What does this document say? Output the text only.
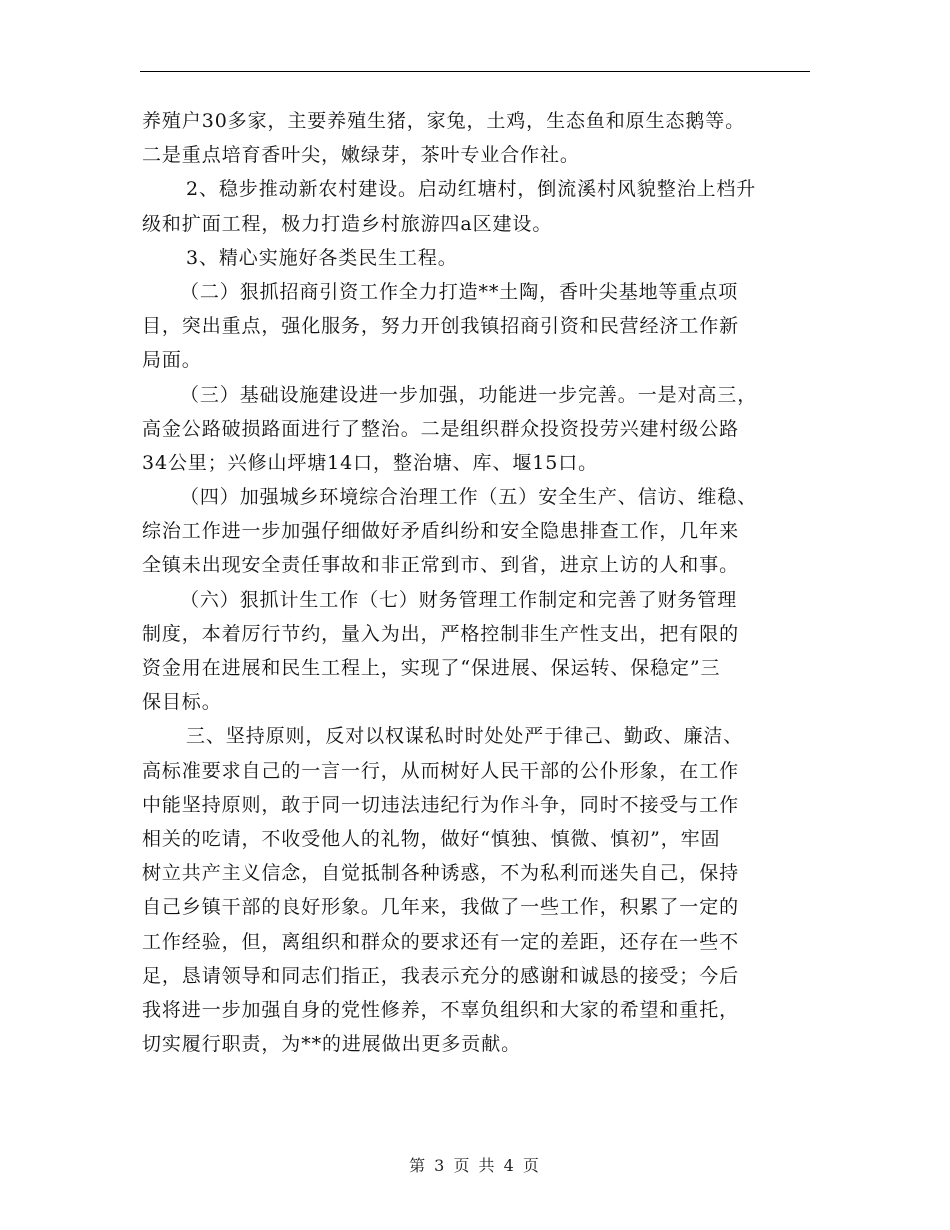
养殖户30多家，主要养殖生猪，家兔，土鸡，生态鱼和原生态鹅等。
二是重点培育香叶尖，嫩绿芽，茶叶专业合作社。
2、稳步推动新农村建设。启动红塘村，倒流溪村风貌整治上档升
级和扩面工程，极力打造乡村旅游四a区建设。
3、精心实施好各类民生工程。
（二）狠抓招商引资工作全力打造**土陶，香叶尖基地等重点项
目，突出重点，强化服务，努力开创我镇招商引资和民营经济工作新
局面。
（三）基础设施建设进一步加强，功能进一步完善。一是对高三，
高金公路破损路面进行了整治。二是组织群众投资投劳兴建村级公路
34公里；兴修山坪塘14口，整治塘、库、堰15口。
（四）加强城乡环境综合治理工作（五）安全生产、信访、维稳、
综治工作进一步加强仔细做好矛盾纠纷和安全隐患排查工作，几年来
全镇未出现安全责任事故和非正常到市、到省，进京上访的人和事。
（六）狠抓计生工作（七）财务管理工作制定和完善了财务管理
制度，本着厉行节约，量入为出，严格控制非生产性支出，把有限的
资金用在进展和民生工程上，实现了“保进展、保运转、保稳定”三
保目标。
三、坚持原则，反对以权谋私时时处处严于律己、勤政、廉洁、
高标准要求自己的一言一行，从而树好人民干部的公仆形象，在工作
中能坚持原则，敢于同一切违法违纪行为作斗争，同时不接受与工作
相关的吃请，不收受他人的礼物，做好“慎独、慎微、慎初”，牢固
树立共产主义信念，自觉抵制各种诱惑，不为私利而迷失自己，保持
自己乡镇干部的良好形象。几年来，我做了一些工作，积累了一定的
工作经验，但，离组织和群众的要求还有一定的差距，还存在一些不
足，恳请领导和同志们指正，我表示充分的感谢和诚恳的接受；今后
我将进一步加强自身的党性修养，不辜负组织和大家的希望和重托，
切实履行职责，为**的进展做出更多贡献。
第 3 页 共 4 页
